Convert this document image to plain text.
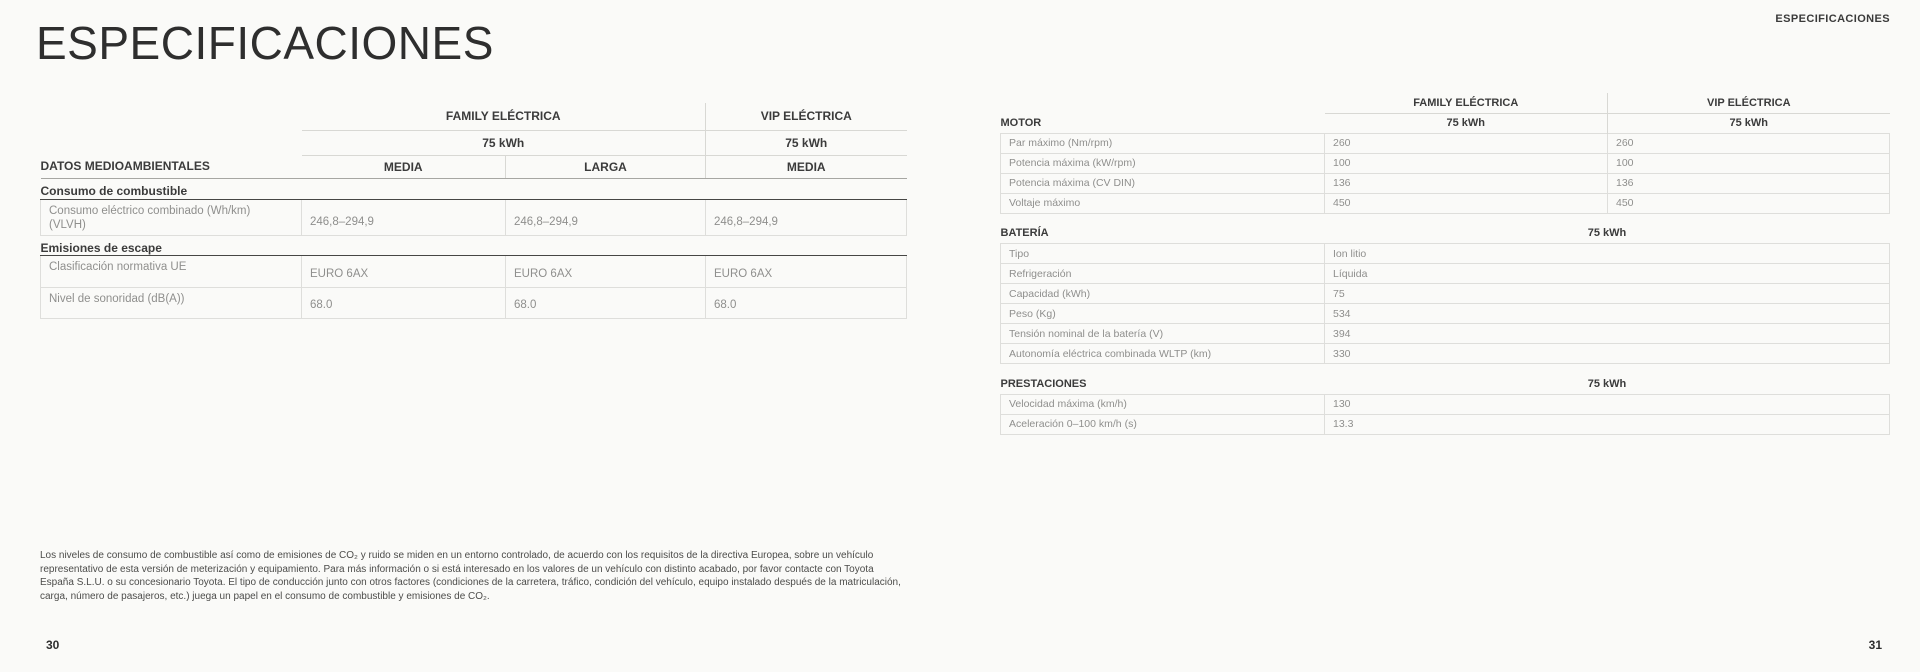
ESPECIFICACIONES
ESPECIFICACIONES
	FAMILY ELÉCTRICA		VIP ELÉCTRICA
	75 kWh		75 kWh
DATOS MEDIOAMBIENTALES	MEDIA	LARGA	MEDIA
Consumo de combustible			

Consumo eléctrico combinado (Wh/km)
(VLVH)	246,8–294,9	246,8–294,9	246,8–294,9
Emisiones de escape			
Clasificación normativa UE	EURO 6AX	EURO 6AX	EURO 6AX
Nivel de sonoridad (dB(A))	68.0	68.0	68.0
	FAMILY ELÉCTRICA	VIP ELÉCTRICA
MOTOR	75 kWh	75 kWh
Par máximo (Nm/rpm)	260	260
Potencia máxima (kW/rpm)	100	100
Potencia máxima (CV DIN)	136	136
Voltaje máximo	450	450

BATERÍA	75 kWh	
Tipo	Ion litio	
Refrigeración	Líquida	
Capacidad (kWh)	75	
Peso (Kg)	534	
Tensión nominal de la batería (V)	394	
Autonomía eléctrica combinada WLTP (km)	330	

PRESTACIONES	75 kWh	
Velocidad máxima (km/h)	130	
Aceleración 0–100 km/h (s)	13.3	
Los niveles de consumo de combustible así como de emisiones de CO₂ y ruido se miden en un entorno controlado, de acuerdo con los requisitos de la directiva Europea, sobre un vehículo representativo de esta versión de meterización y equipamiento. Para más información o si está interesado en los valores de un vehículo con distinto acabado, por favor contacte con Toyota España S.L.U. o su concesionario Toyota. El tipo de conducción junto con otros factores (condiciones de la carretera, tráfico, condición del vehículo, equipo instalado después de la matriculación, carga, número de pasajeros, etc.) juega un papel en el consumo de combustible y emisiones de CO₂.
30	31
